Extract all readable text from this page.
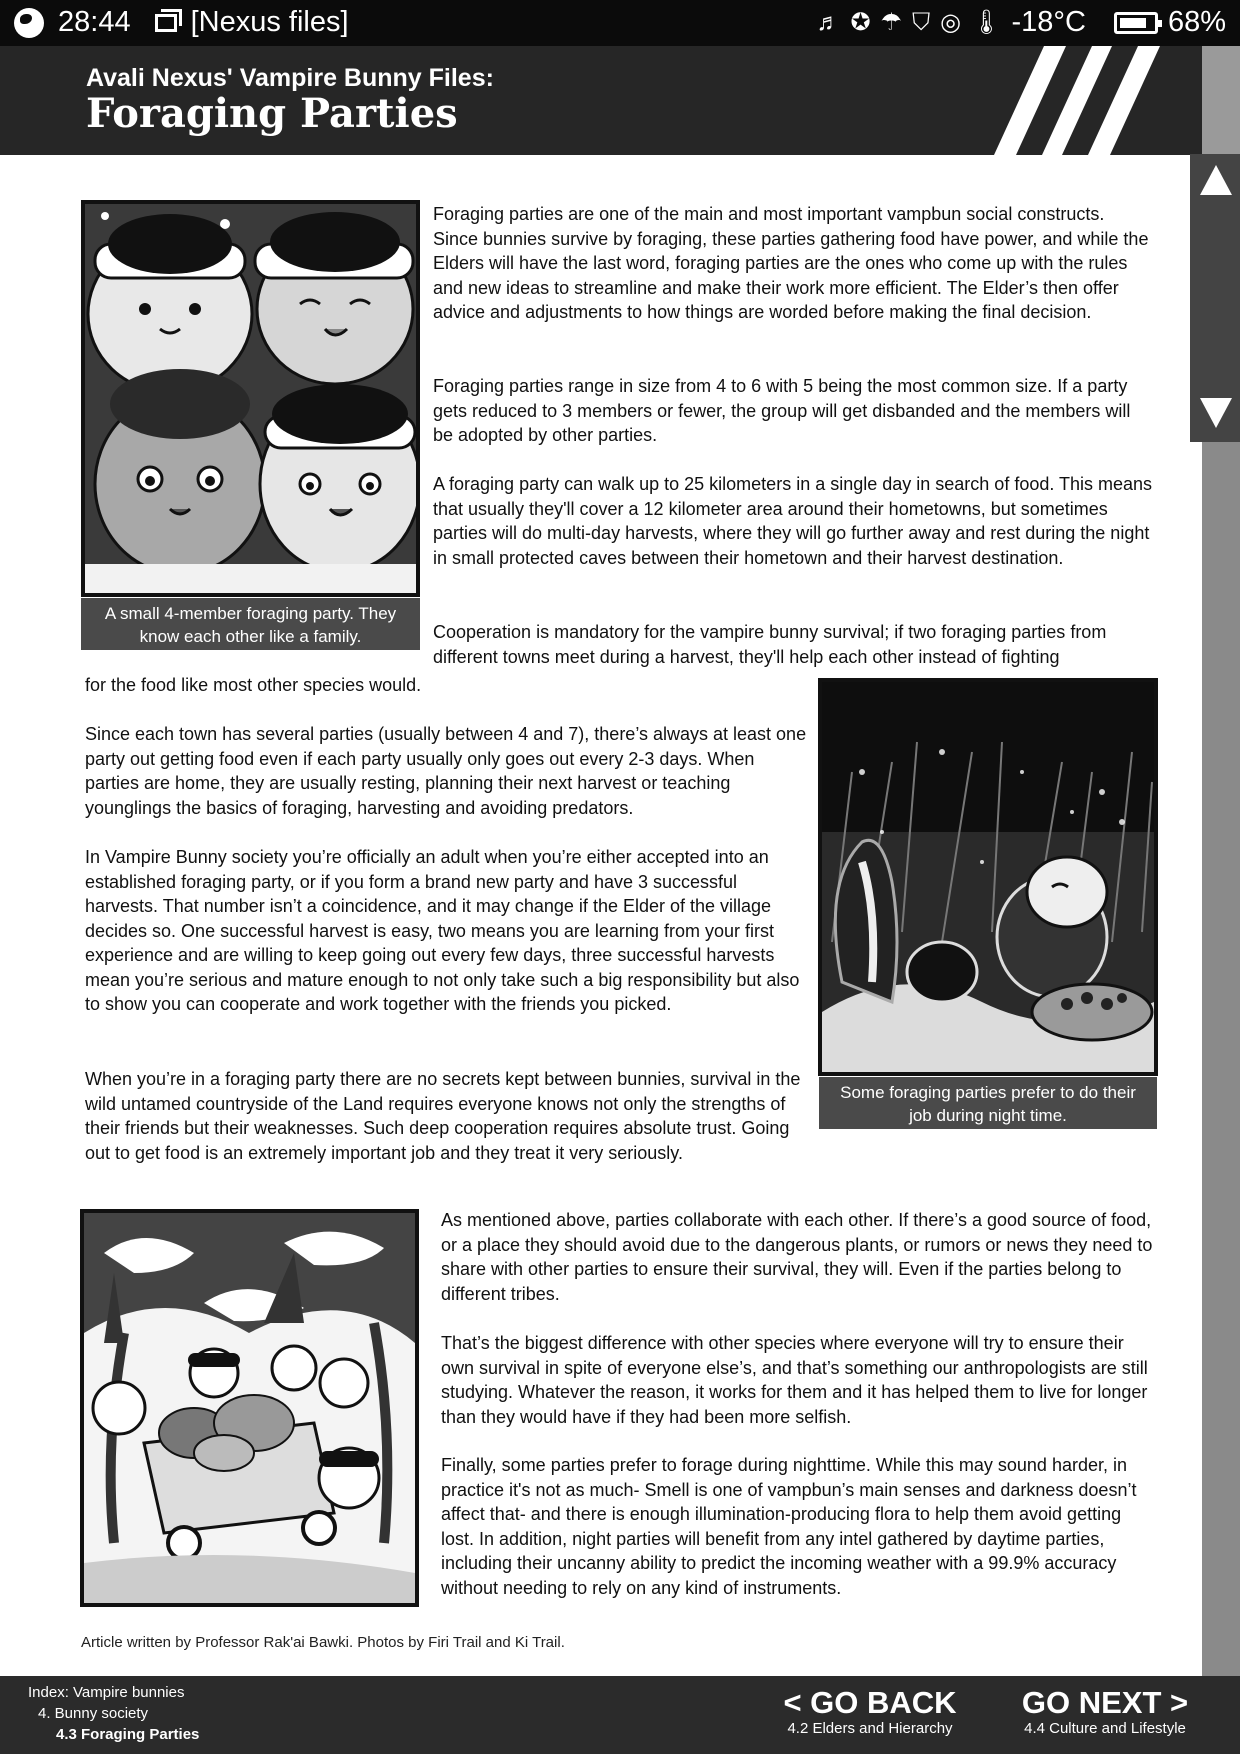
28:44 [Nexus files]	♬ ✪ ☂ ⛉ ◎ 🌡 -18°C	68%
Avali Nexus' Vampire Bunny Files:
Foraging Parties
A small 4-member foraging party. They know each other like a family.
Some foraging parties prefer to do their job during night time.

Foraging parties are one of the main and most important vampbun social constructs. Since bunnies survive by foraging, these parties gathering food have power, and while the Elders will have the last word, foraging parties are the ones who come up with the rules and new ideas to streamline and make their work more efficient. The Elder’s then offer advice and adjustments to how things are worded before making the final decision.

Foraging parties range in size from 4 to 6 with 5 being the most common size. If a party gets reduced to 3 members or fewer, the group will get disbanded and the members will be adopted by other parties.

A foraging party can walk up to 25 kilometers in a single day in search of food. This means that usually they'll cover a 12 kilometer area around their hometowns, but sometimes parties will do multi-day harvests, where they will go further away and rest during the night in small protected caves between their hometown and their harvest destination.

Cooperation is mandatory for the vampire bunny survival; if two foraging parties from different towns meet during a harvest, they'll help each other instead of fighting

for the food like most other species would.

Since each town has several parties (usually between 4 and 7), there’s always at least one party out getting food even if each party usually only goes out every 2-3 days. When parties are home, they are usually resting, planning their next harvest or teaching younglings the basics of foraging, harvesting and avoiding predators.

In Vampire Bunny society you’re officially an adult when you’re either accepted into an established foraging party, or if you form a brand new party and have 3 successful harvests. That number isn’t a coincidence, and it may change if the Elder of the village decides so. One successful harvest is easy, two means you are learning from your first experience and are willing to keep going out every few days, three successful harvests mean you’re serious and mature enough to not only take such a big responsibility but also to show you can cooperate and work together with the friends you picked.

When you’re in a foraging party there are no secrets kept between bunnies, survival in the wild untamed countryside of the Land requires everyone knows not only the strengths of their friends but their weaknesses. Such deep cooperation requires absolute trust. Going out to get food is an extremely important job and they treat it very seriously.

As mentioned above, parties collaborate with each other. If there’s a good source of food, or a place they should avoid due to the dangerous plants, or rumors or news they need to share with other parties to ensure their survival, they will. Even if the parties belong to different tribes.

That’s the biggest difference with other species where everyone will try to ensure their own survival in spite of everyone else’s, and that’s something our anthropologists are still studying. Whatever the reason, it works for them and it has helped them to live for longer than they would have if they had been more selfish.

Finally, some parties prefer to forage during nighttime. While this may sound harder, in practice it's not as much- Smell is one of vampbun’s main senses and darkness doesn’t affect that- and there is enough illumination-producing flora to help them avoid getting lost. In addition, night parties will benefit from any intel gathered by daytime parties, including their uncanny ability to predict the incoming weather with a 99.9% accuracy without needing to rely on any kind of instruments.

Article written by Professor Rak'ai Bawki. Photos by Firi Trail and Ki Trail.
Index: Vampire bunnies
4. Bunny society
4.3 Foraging Parties
< GO BACK
4.2 Elders and Hierarchy
GO NEXT >
4.4 Culture and Lifestyle
